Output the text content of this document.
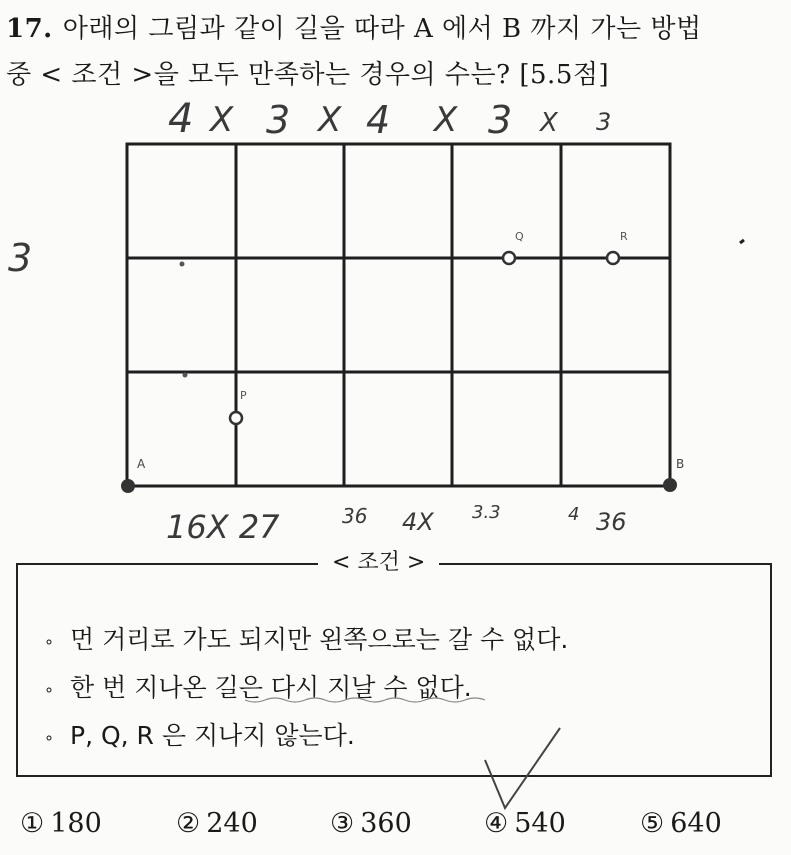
17. 아래의 그림과 같이 길을 따라 A 에서 B 까지 가는 방법
중 < 조건 >을 모두 만족하는 경우의 수는? [5.5점]
A	B
P
Q	R
4 X 3 X 4 X 3 X 3
3
16X 27	36 4X 3.3	4 36
< 조건 >
∘ 먼 거리로 가도 되지만 왼쪽으로는 갈 수 없다.
∘ 한 번 지나온 길은 다시 지날 수 없다.
∘ P, Q, R 은 지나지 않는다.
① 180	② 240	③ 360	④ 540	⑤ 640
